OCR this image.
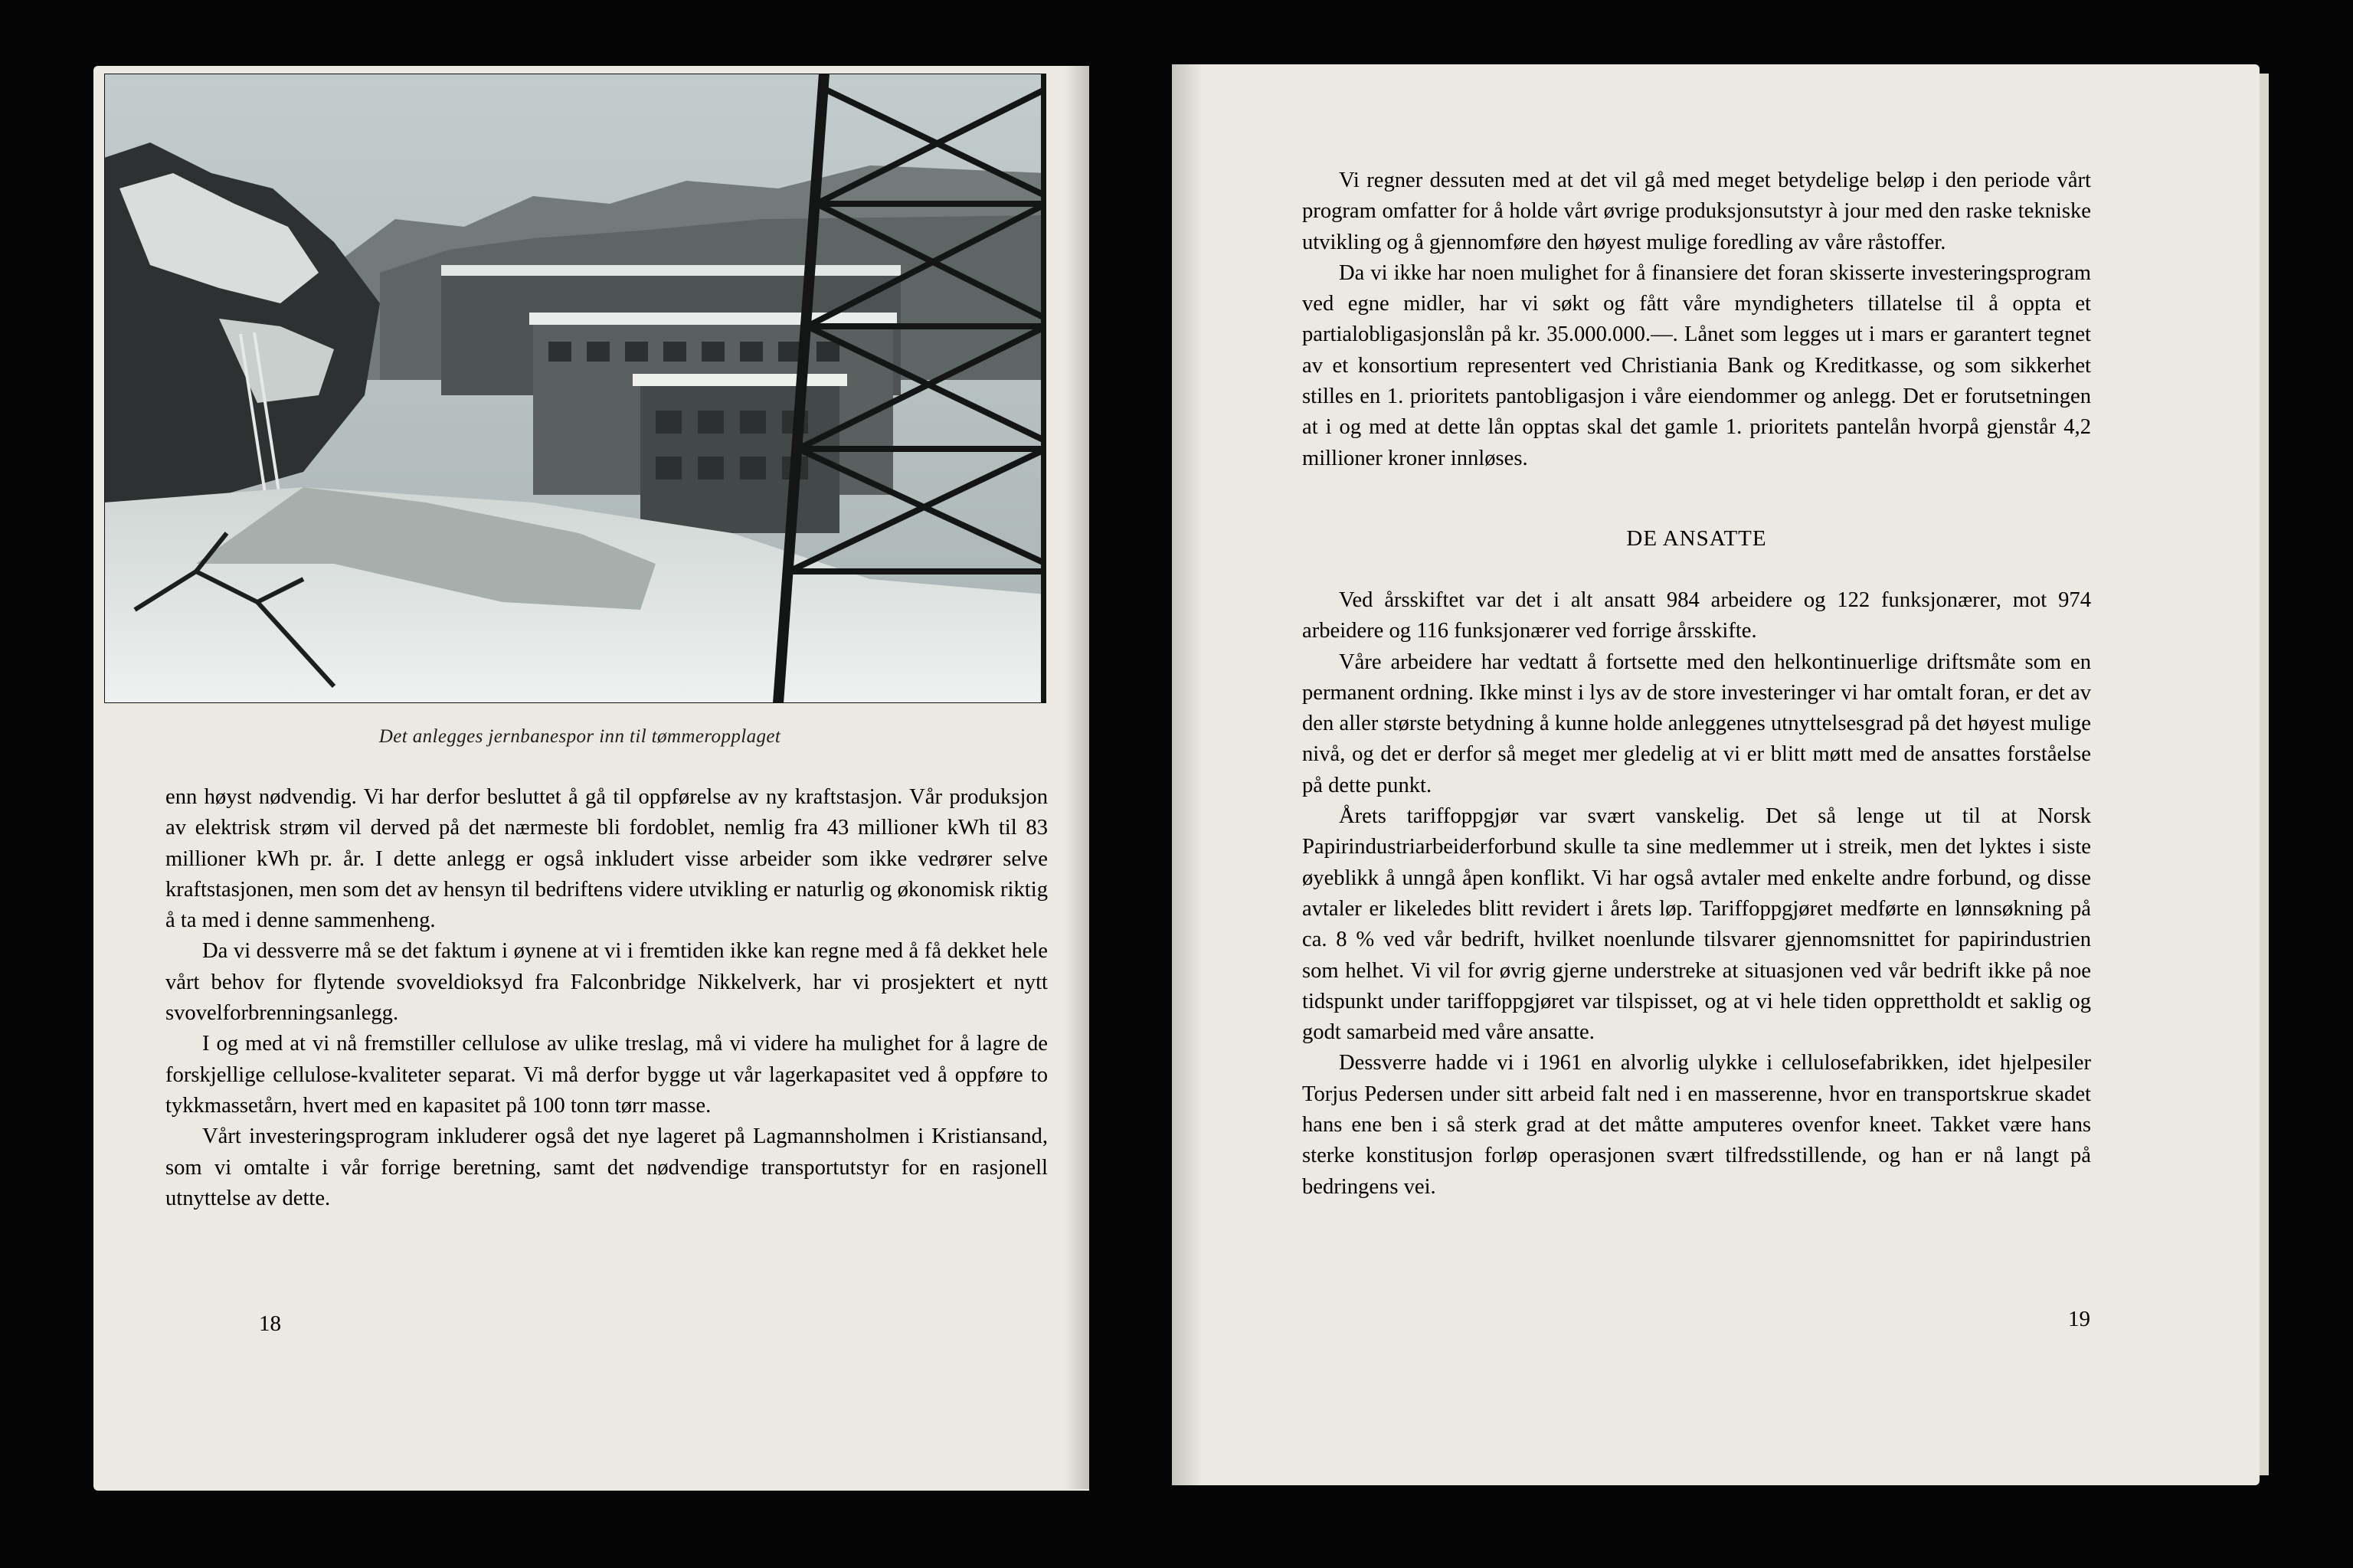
Det anlegges jernbanespor inn til tømmeropplaget

enn høyst nødvendig. Vi har derfor besluttet å gå til oppførelse av ny kraftstasjon. Vår produksjon av elektrisk strøm vil derved på det nærmeste bli fordoblet, nemlig fra 43 millioner kWh til 83 millioner kWh pr. år. I dette anlegg er også inkludert visse arbeider som ikke vedrører selve kraftstasjonen, men som det av hensyn til bedriftens videre utvikling er naturlig og økonomisk riktig å ta med i denne sammenheng.

Da vi dessverre må se det faktum i øynene at vi i fremtiden ikke kan regne med å få dekket hele vårt behov for flytende svoveldioksyd fra Falconbridge Nikkelverk, har vi prosjektert et nytt svovelforbrenningsanlegg.

I og med at vi nå fremstiller cellulose av ulike treslag, må vi videre ha mulighet for å lagre de forskjellige cellulose-kvaliteter separat. Vi må derfor bygge ut vår lagerkapasitet ved å oppføre to tykkmassetårn, hvert med en kapasitet på 100 tonn tørr masse.

Vårt investeringsprogram inkluderer også det nye lageret på Lagmannsholmen i Kristiansand, som vi omtalte i vår forrige beretning, samt det nødvendige transportutstyr for en rasjonell utnyttelse av dette.

18

Vi regner dessuten med at det vil gå med meget betydelige beløp i den periode vårt program omfatter for å holde vårt øvrige produksjonsutstyr à jour med den raske tekniske utvikling og å gjennomføre den høyest mulige foredling av våre råstoffer.

Da vi ikke har noen mulighet for å finansiere det foran skisserte investeringsprogram ved egne midler, har vi søkt og fått våre myndigheters tillatelse til å oppta et partialobligasjonslån på kr. 35.000.000.—. Lånet som legges ut i mars er garantert tegnet av et konsortium representert ved Christiania Bank og Kreditkasse, og som sikkerhet stilles en 1. prioritets pantobligasjon i våre eiendommer og anlegg. Det er forutsetningen at i og med at dette lån opptas skal det gamle 1. prioritets pantelån hvorpå gjenstår 4,2 millioner kroner innløses.

DE ANSATTE

Ved årsskiftet var det i alt ansatt 984 arbeidere og 122 funksjonærer, mot 974 arbeidere og 116 funksjonærer ved forrige årsskifte.

Våre arbeidere har vedtatt å fortsette med den helkontinuerlige driftsmåte som en permanent ordning. Ikke minst i lys av de store investeringer vi har omtalt foran, er det av den aller største betydning å kunne holde anleggenes utnyttelsesgrad på det høyest mulige nivå, og det er derfor så meget mer gledelig at vi er blitt møtt med de ansattes forståelse på dette punkt.

Årets tariffoppgjør var svært vanskelig. Det så lenge ut til at Norsk Papirindustriarbeiderforbund skulle ta sine medlemmer ut i streik, men det lyktes i siste øyeblikk å unngå åpen konflikt. Vi har også avtaler med enkelte andre forbund, og disse avtaler er likeledes blitt revidert i årets løp. Tariffoppgjøret medførte en lønnsøkning på ca. 8 % ved vår bedrift, hvilket noenlunde tilsvarer gjennomsnittet for papirindustrien som helhet. Vi vil for øvrig gjerne understreke at situasjonen ved vår bedrift ikke på noe tidspunkt under tariffoppgjøret var tilspisset, og at vi hele tiden opprettholdt et saklig og godt samarbeid med våre ansatte.

Dessverre hadde vi i 1961 en alvorlig ulykke i cellulosefabrikken, idet hjelpesiler Torjus Pedersen under sitt arbeid falt ned i en masserenne, hvor en transportskrue skadet hans ene ben i så sterk grad at det måtte amputeres ovenfor kneet. Takket være hans sterke konstitusjon forløp operasjonen svært tilfredsstillende, og han er nå langt på bedringens vei.

19
